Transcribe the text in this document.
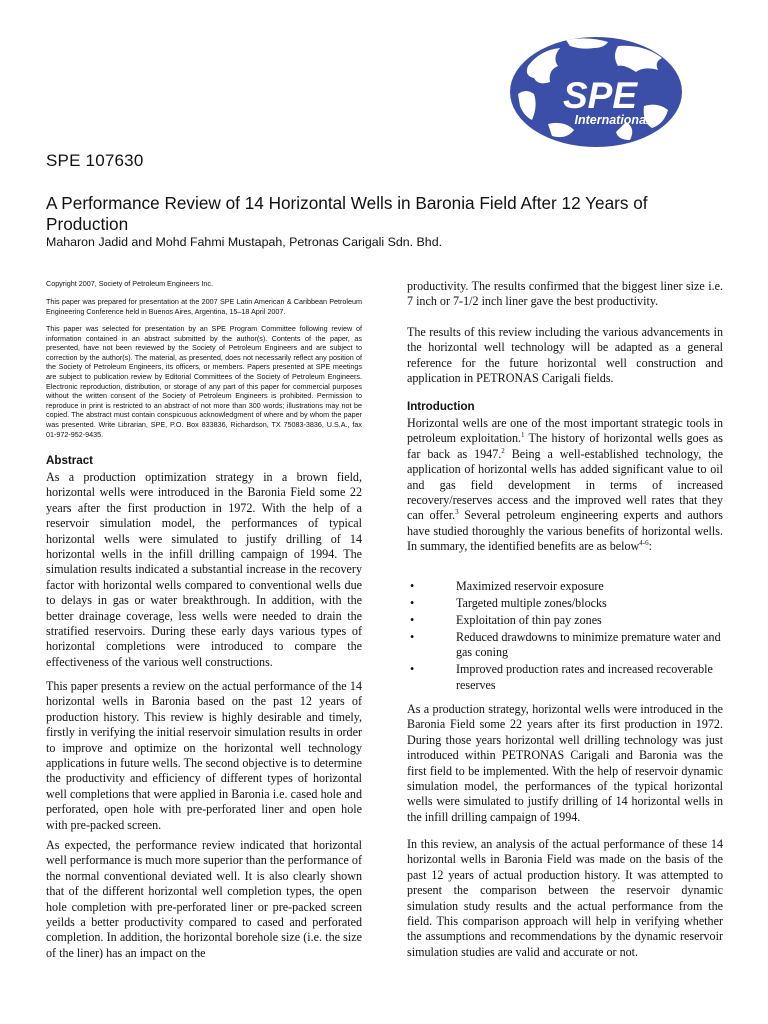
SPE
International
SPE 107630
A Performance Review of 14 Horizontal Wells in Baronia Field After 12 Years of Production
Maharon Jadid and Mohd Fahmi Mustapah, Petronas Carigali Sdn. Bhd.
Copyright 2007, Society of Petroleum Engineers Inc.
This paper was prepared for presentation at the 2007 SPE Latin American & Caribbean Petroleum Engineering Conference held in Buenos Aires, Argentina, 15–18 April 2007.
This paper was selected for presentation by an SPE Program Committee following review of information contained in an abstract submitted by the author(s). Contents of the paper, as presented, have not been reviewed by the Society of Petroleum Engineers and are subject to correction by the author(s). The material, as presented, does not necessarily reflect any position of the Society of Petroleum Engineers, its officers, or members. Papers presented at SPE meetings are subject to publication review by Editorial Committees of the Society of Petroleum Engineers. Electronic reproduction, distribution, or storage of any part of this paper for commercial purposes without the written consent of the Society of Petroleum Engineers is prohibited. Permission to reproduce in print is restricted to an abstract of not more than 300 words; illustrations may not be copied. The abstract must contain conspicuous acknowledgment of where and by whom the paper was presented. Write Librarian, SPE, P.O. Box 833836, Richardson, TX 75083-3836, U.S.A., fax 01-972-952-9435.
Abstract
As a production optimization strategy in a brown field, horizontal wells were introduced in the Baronia Field some 22 years after the first production in 1972. With the help of a reservoir simulation model, the performances of typical horizontal wells were simulated to justify drilling of 14 horizontal wells in the infill drilling campaign of 1994. The simulation results indicated a substantial increase in the recovery factor with horizontal wells compared to conventional wells due to delays in gas or water breakthrough. In addition, with the better drainage coverage, less wells were needed to drain the stratified reservoirs. During these early days various types of horizontal completions were introduced to compare the effectiveness of the various well constructions.
This paper presents a review on the actual performance of the 14 horizontal wells in Baronia based on the past 12 years of production history. This review is highly desirable and timely, firstly in verifying the initial reservoir simulation results in order to improve and optimize on the horizontal well technology applications in future wells. The second objective is to determine the productivity and efficiency of different types of horizontal well completions that were applied in Baronia i.e. cased hole and perforated, open hole with pre-perforated liner and open hole with pre-packed screen.
As expected, the performance review indicated that horizontal well performance is much more superior than the performance of the normal conventional deviated well. It is also clearly shown that of the different horizontal well completion types, the open hole completion with pre-perforated liner or pre-packed screen yeilds a better productivity compared to cased and perforated completion. In addition, the horizontal borehole size (i.e. the size of the liner) has an impact on the
productivity. The results confirmed that the biggest liner size i.e. 7 inch or 7-1/2 inch liner gave the best productivity.
The results of this review including the various advancements in the horizontal well technology will be adapted as a general reference for the future horizontal well construction and application in PETRONAS Carigali fields.
Introduction
Horizontal wells are one of the most important strategic tools in petroleum exploitation.$^1$ The history of horizontal wells goes as far back as 1947.$^2$ Being a well-established technology, the application of horizontal wells has added significant value to oil and gas field development in terms of increased recovery/reserves access and the improved well rates that they can offer.$^3$ Several petroleum engineering experts and authors have studied thoroughly the various benefits of horizontal wells. In summary, the identified benefits are as below$^{4-6}$:
•	Maximized reservoir exposure
•	Targeted multiple zones/blocks
•	Exploitation of thin pay zones
•	Reduced drawdowns to minimize premature water and gas coning
•	Improved production rates and increased recoverable reserves
As a production strategy, horizontal wells were introduced in the Baronia Field some 22 years after its first production in 1972. During those years horizontal well drilling technology was just introduced within PETRONAS Carigali and Baronia was the first field to be implemented. With the help of reservoir dynamic simulation model, the performances of the typical horizontal wells were simulated to justify drilling of 14 horizontal wells in the infill drilling campaign of 1994.
In this review, an analysis of the actual performance of these 14 horizontal wells in Baronia Field was made on the basis of the past 12 years of actual production history. It was attempted to present the comparison between the reservoir dynamic simulation study results and the actual performance from the field. This comparison approach will help in verifying whether the assumptions and recommendations by the dynamic reservoir simulation studies are valid and accurate or not.
